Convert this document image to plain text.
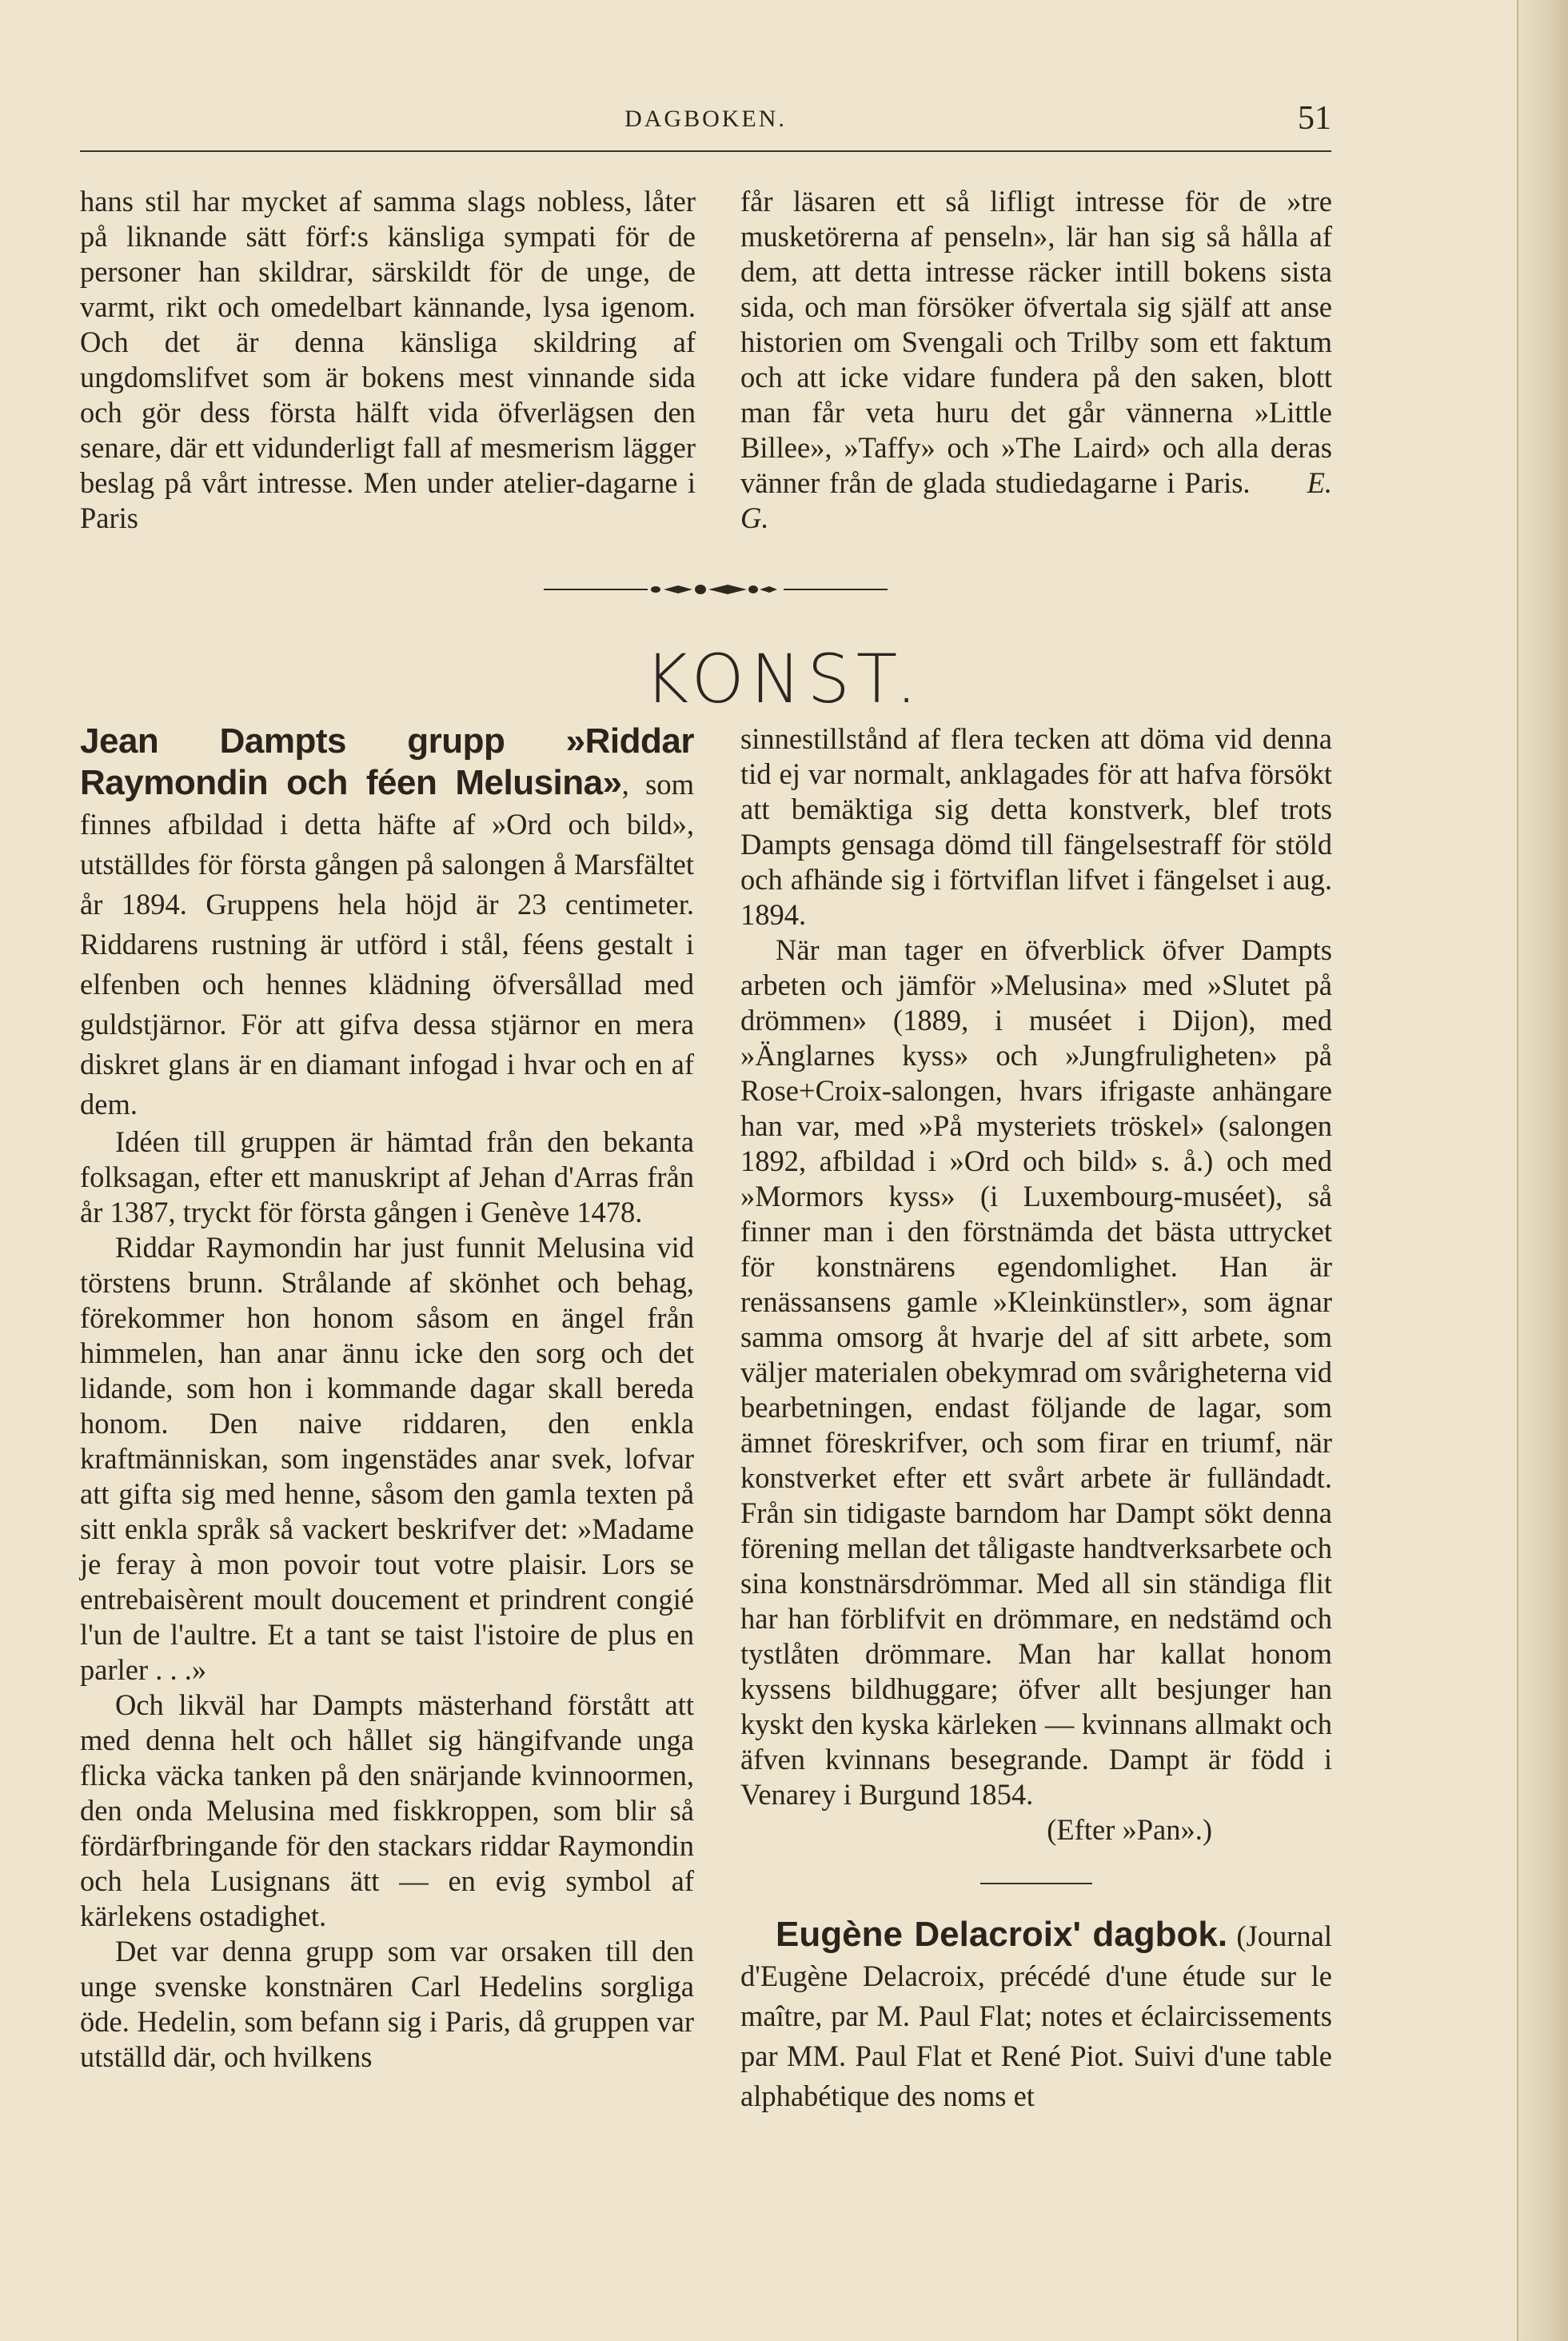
DAGBOKEN.	51

hans stil har mycket af samma slags nobless, låter på liknande sätt förf:s känsliga sympati för de personer han skildrar, särskildt för de unge, de varmt, rikt och omedelbart kännande, lysa igenom. Och det är denna känsliga skildring af ungdomslifvet som är bokens mest vinnande sida och gör dess första hälft vida öfverlägsen den senare, där ett vidunderligt fall af mesmerism lägger beslag på vårt intresse. Men under atelier-dagarne i Paris

får läsaren ett så lifligt intresse för de »tre musketörerna af penseln», lär han sig så hålla af dem, att detta intresse räcker intill bokens sista sida, och man försöker öfvertala sig själf att anse historien om Svengali och Trilby som ett faktum och att icke vidare fundera på den saken, blott man får veta huru det går vännerna »Little Billee», »Taffy» och »The Laird» och alla deras vänner från de glada studiedagarne i Paris. E. G.

KONST.

Jean Dampts grupp »Riddar Raymondin och féen Melusina», som finnes afbildad i detta häfte af »Ord och bild», utställdes för första gången på salongen å Marsfältet år 1894. Gruppens hela höjd är 23 centimeter. Riddarens rustning är utförd i stål, féens gestalt i elfenben och hennes klädning öfversållad med guldstjärnor. För att gifva dessa stjärnor en mera diskret glans är en diamant infogad i hvar och en af dem.

Idéen till gruppen är hämtad från den bekanta folksagan, efter ett manuskript af Jehan d'Arras från år 1387, tryckt för första gången i Genève 1478.

Riddar Raymondin har just funnit Melusina vid törstens brunn. Strålande af skönhet och behag, förekommer hon honom såsom en ängel från himmelen, han anar ännu icke den sorg och det lidande, som hon i kommande dagar skall bereda honom. Den naive riddaren, den enkla kraftmänniskan, som ingenstädes anar svek, lofvar att gifta sig med henne, såsom den gamla texten på sitt enkla språk så vackert beskrifver det: »Madame je feray à mon povoir tout votre plaisir. Lors se entrebaisèrent moult doucement et prindrent congié l'un de l'aultre. Et a tant se taist l'istoire de plus en parler . . .»

Och likväl har Dampts mästerhand förstått att med denna helt och hållet sig hängifvande unga flicka väcka tanken på den snärjande kvinnoormen, den onda Melusina med fiskkroppen, som blir så fördärfbringande för den stackars riddar Raymondin och hela Lusignans ätt — en evig symbol af kärlekens ostadighet.

Det var denna grupp som var orsaken till den unge svenske konstnären Carl Hedelins sorgliga öde. Hedelin, som befann sig i Paris, då gruppen var utställd där, och hvilkens

sinnestillstånd af flera tecken att döma vid denna tid ej var normalt, anklagades för att hafva försökt att bemäktiga sig detta konstverk, blef trots Dampts gensaga dömd till fängelsestraff för stöld och afhände sig i förtviflan lifvet i fängelset i aug. 1894.

När man tager en öfverblick öfver Dampts arbeten och jämför »Melusina» med »Slutet på drömmen» (1889, i muséet i Dijon), med »Änglarnes kyss» och »Jungfruligheten» på Rose+Croix-salongen, hvars ifrigaste anhängare han var, med »På mysteriets tröskel» (salongen 1892, afbildad i »Ord och bild» s. å.) och med »Mormors kyss» (i Luxembourg-muséet), så finner man i den förstnämda det bästa uttrycket för konstnärens egendomlighet. Han är renässansens gamle »Kleinkünstler», som ägnar samma omsorg åt hvarje del af sitt arbete, som väljer materialen obekymrad om svårigheterna vid bearbetningen, endast följande de lagar, som ämnet föreskrifver, och som firar en triumf, när konstverket efter ett svårt arbete är fulländadt. Från sin tidigaste barndom har Dampt sökt denna förening mellan det tåligaste handtverksarbete och sina konstnärsdrömmar. Med all sin ständiga flit har han förblifvit en drömmare, en nedstämd och tystlåten drömmare. Man har kallat honom kyssens bildhuggare; öfver allt besjunger han kyskt den kyska kärleken — kvinnans allmakt och äfven kvinnans besegrande. Dampt är född i Venarey i Burgund 1854.

(Efter »Pan».)

Eugène Delacroix' dagbok. (Journal d'Eugène Delacroix, précédé d'une étude sur le maître, par M. Paul Flat; notes et éclaircissements par MM. Paul Flat et René Piot. Suivi d'une table alphabétique des noms et
